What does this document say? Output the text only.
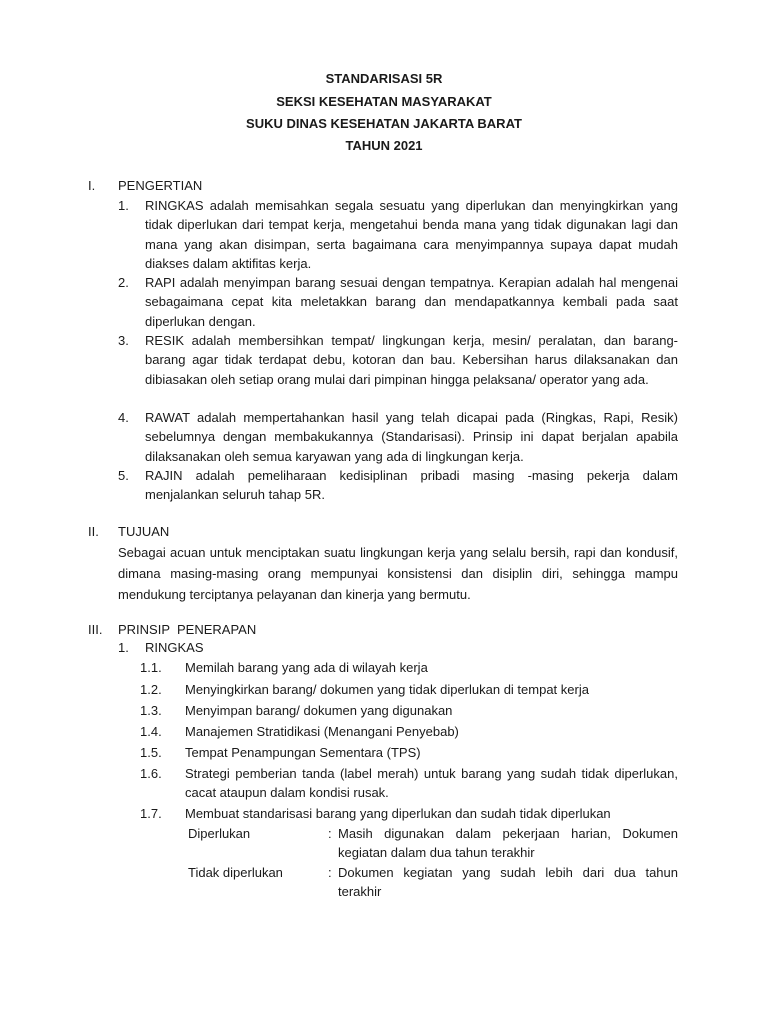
STANDARISASI 5R
SEKSI KESEHATAN MASYARAKAT
SUKU DINAS KESEHATAN JAKARTA BARAT
TAHUN 2021
I. PENGERTIAN
1. RINGKAS adalah memisahkan segala sesuatu yang diperlukan dan menyingkirkan yang tidak diperlukan dari tempat kerja, mengetahui benda mana yang tidak digunakan lagi dan mana yang akan disimpan, serta bagaimana cara menyimpannya supaya dapat mudah diakses dalam aktifitas kerja.
2. RAPI adalah menyimpan barang sesuai dengan tempatnya. Kerapian adalah hal mengenai sebagaimana cepat kita meletakkan barang dan mendapatkannya kembali pada saat diperlukan dengan.
3. RESIK adalah membersihkan tempat/ lingkungan kerja, mesin/ peralatan, dan barang-barang agar tidak terdapat debu, kotoran dan bau. Kebersihan harus dilaksanakan dan dibiasakan oleh setiap orang mulai dari pimpinan hingga pelaksana/ operator yang ada.
4. RAWAT adalah mempertahankan hasil yang telah dicapai pada (Ringkas, Rapi, Resik) sebelumnya dengan membakukannya (Standarisasi). Prinsip ini dapat berjalan apabila dilaksanakan oleh semua karyawan yang ada di lingkungan kerja.
5. RAJIN adalah pemeliharaan kedisiplinan pribadi masing -masing pekerja dalam menjalankan seluruh tahap 5R.
II. TUJUAN
Sebagai acuan untuk menciptakan suatu lingkungan kerja yang selalu bersih, rapi dan kondusif, dimana masing-masing orang mempunyai konsistensi dan disiplin diri, sehingga mampu mendukung terciptanya pelayanan dan kinerja yang bermutu.
III. PRINSIP  PENERAPAN
1. RINGKAS
1.1. Memilah barang yang ada di wilayah kerja
1.2. Menyingkirkan barang/ dokumen yang tidak diperlukan di tempat kerja
1.3. Menyimpan barang/ dokumen yang digunakan
1.4. Manajemen Stratidikasi (Menangani Penyebab)
1.5. Tempat Penampungan Sementara (TPS)
1.6. Strategi pemberian tanda (label merah) untuk barang yang sudah tidak diperlukan, cacat ataupun dalam kondisi rusak.
1.7. Membuat standarisasi barang yang diperlukan dan sudah tidak diperlukan
Diperlukan	: Masih digunakan dalam pekerjaan harian, Dokumen kegiatan dalam dua tahun terakhir
Tidak diperlukan	: Dokumen kegiatan yang sudah lebih dari dua tahun terakhir
